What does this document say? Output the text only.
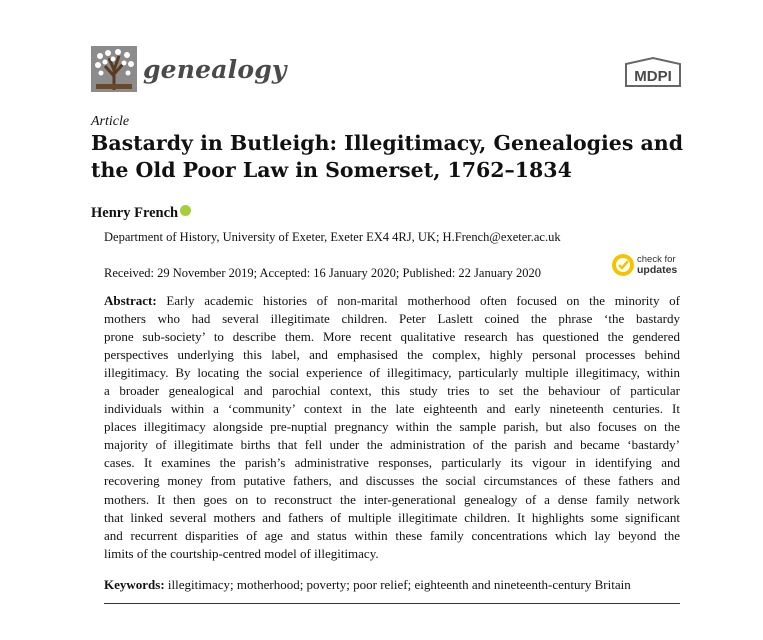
genealogy	MDPI
Article
Bastardy in Butleigh: Illegitimacy, Genealogies and the Old Poor Law in Somerset, 1762–1834
Henry French
Department of History, University of Exeter, Exeter EX4 4RJ, UK; H.French@exeter.ac.uk
Received: 29 November 2019; Accepted: 16 January 2020; Published: 22 January 2020
check for
updates
Abstract: Early academic histories of non-marital motherhood often focused on the minority of
mothers who had several illegitimate children. Peter Laslett coined the phrase ‘the bastardy
prone sub-society’ to describe them. More recent qualitative research has questioned the gendered
perspectives underlying this label, and emphasised the complex, highly personal processes behind
illegitimacy. By locating the social experience of illegitimacy, particularly multiple illegitimacy, within
a broader genealogical and parochial context, this study tries to set the behaviour of particular
individuals within a ‘community’ context in the late eighteenth and early nineteenth centuries. It
places illegitimacy alongside pre-nuptial pregnancy within the sample parish, but also focuses on the
majority of illegitimate births that fell under the administration of the parish and became ‘bastardy’
cases. It examines the parish’s administrative responses, particularly its vigour in identifying and
recovering money from putative fathers, and discusses the social circumstances of these fathers and
mothers. It then goes on to reconstruct the inter-generational genealogy of a dense family network
that linked several mothers and fathers of multiple illegitimate children. It highlights some significant
and recurrent disparities of age and status within these family concentrations which lay beyond the
limits of the courtship-centred model of illegitimacy.
Keywords: illegitimacy; motherhood; poverty; poor relief; eighteenth and nineteenth-century Britain
